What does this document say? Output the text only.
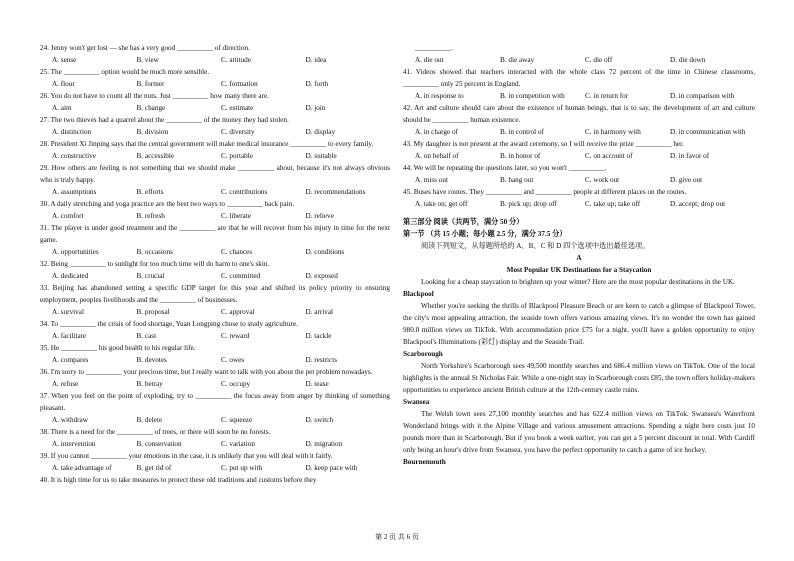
24. Jenny won't get lost — she has a very good __________ of direction.
A. sense	B. view	C. attitude	D. idea
25. The __________ option would be much more sensible.
A. flour	B. former	C. formation	D. forth
26. You do not have to count all the nuts. Just __________ how many there are.
A. aim	B. change	C. estimate	D. join
27. The two thieves had a quarrel about the __________ of the money they had stolen.
A. distinction	B. division	C. diversity	D. display
28. President Xi Jinping says that the central government will make medical insurance __________ to every family.
A. constructive	B. accessible	C. portable	D. suitable
29. How others are feeling is not something that we should make __________ about, because it's not always obvious who is truly happy.
A. assumptions	B. efforts	C. contributions	D. recommendations
30. A daily stretching and yoga practice are the best two ways to __________ back pain.
A. comfort	B. refresh	C. liberate	D. relieve
31. The player is under good treatment and the __________ are that he will recover from his injury in time for the next game.
A. opportunities	B. occasions	C. chances	D. conditions
32. Being __________ to sunlight for too much time will do harm to one's skin.
A. dedicated	B. crucial	C. committed	D. exposed
33. Beijing has abandoned setting a specific GDP target for this year and shifted its policy priority to ensuring employment, peoples livelihoods and the __________ of businesses.
A. survival	B. proposal	C. approval	D. arrival
34. To __________ the crisis of food shortage, Yuan Longping chose to study agriculture.
A. facilitate	B. cast	C. reward	D. tackle
35. He __________ his good health to his regular life.
A. compares	B. devotes	C. owes	D. restricts
36. I'm sorry to __________ your precious time, but I really want to talk with you about the pet problem nowadays.
A. refuse	B. betray	C. occupy	D. tease
37. When you feel on the point of exploding, try to __________ the focus away from anger by thinking of something pleasant.
A. withdraw	B. delete	C. squeeze	D. switch
38. There is a need for the __________ of trees, or there will soon be no forests.
A. intervention	B. conservation	C. variation	D. migration
39. If you cannot __________ your emotions in the case, it is unlikely that you will deal with it fairly.
A. take advantage of	B. get rid of	C. put up with	D. keep pace with
40. It is high time for us to take measures to protect these old traditions and customs before they
__________.
A. die out	B. die away	C. die off	D. die down
41. Videos showed that teachers interacted with the whole class 72 percent of the time in Chinese classrooms, __________ only 25 percent in England.
A. in response to	B. in competition with	C. in return for	D. in comparison with
42. Art and culture should care about the existence of human beings, that is to say, the development of art and culture should be __________ human existence.
A. in charge of	B. in control of	C. in harmony with	D. in communication with
43. My daughter is not present at the award ceremony, so I will receive the prize __________ her.
A. on behalf of	B. in honor of	C. on account of	D. in favor of
44. We will be repeating the questions later, so you won't __________.
A. miss out	B. hang out	C. work out	D. give out
45. Buses have routes. They __________ and __________ people at different places on the routes.
A. take on; get off	B. pick up; drop off	C. take up; take off	D. accept; drop out
第三部分 阅读（共两节，满分 50 分）
第一节 （共 15 小题；每小题 2.5 分，满分 37.5 分）
阅读下列短文，从每题所给的 A、B、C 和 D 四个选项中选出最佳选项。
A
Most Popular UK Destinations for a Staycation
Looking for a cheap staycation to brighten up your winter? Here are the most popular destinations in the UK.
Blackpool
Whether you're seeking the thrills of Blackpool Pleasure Beach or are keen to catch a glimpse of Blackpool Tower, the city's most appealing attraction, the seaside town offers various amazing views. It's no wonder the town has gained 980.8 million views on TikTok. With accommodation price £75 for a night, you'll have a golden opportunity to enjoy Blackpool's Illuminations (彩灯) display and the Seaside Trail.
Scarborough
North Yorkshire's Scarborough sees 49,500 monthly searches and 686.4 million views on TikTok. One of the local highlights is the annual St Nicholas Fair. While a one-night stay in Scarborough costs £85, the town offers holiday-makers opportunities to experience ancient British culture at the 12th-century castle ruins.
Swansea
The Welsh town sees 27,100 monthly searches and has 622.4 million views on TikTok. Swansea's Waterfront Wonderland brings with it the Alpine Village and various amusement attractions. Spending a night here costs just 10 pounds more than in Scarborough. But if you book a week earlier, you can get a 5 percent discount in total. With Cardiff only being an hour's drive from Swansea, you have the perfect opportunity to catch a game of ice hockey.
Bournemouth
第 2 页 共 6 页
